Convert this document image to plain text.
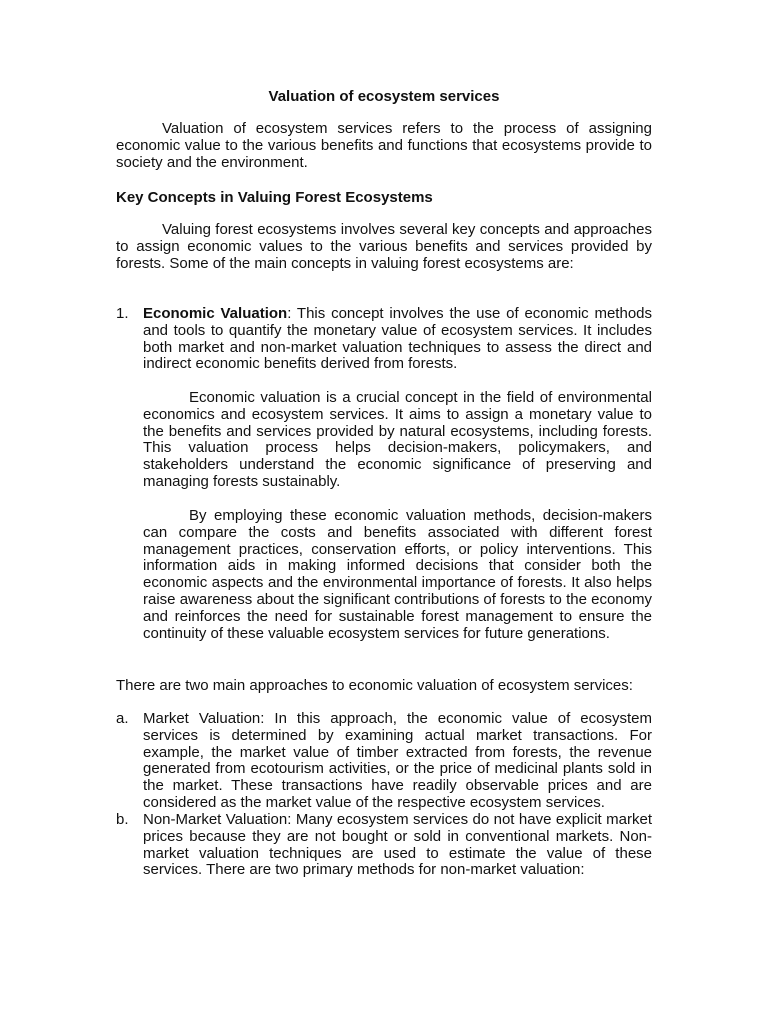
Valuation of ecosystem services

Valuation of ecosystem services refers to the process of assigning economic value to the various benefits and functions that ecosystems provide to society and the environment.

Key Concepts in Valuing Forest Ecosystems

Valuing forest ecosystems involves several key concepts and approaches to assign economic values to the various benefits and services provided by forests. Some of the main concepts in valuing forest ecosystems are:

1. Economic Valuation: This concept involves the use of economic methods and tools to quantify the monetary value of ecosystem services. It includes both market and non-market valuation techniques to assess the direct and indirect economic benefits derived from forests.

Economic valuation is a crucial concept in the field of environmental economics and ecosystem services. It aims to assign a monetary value to the benefits and services provided by natural ecosystems, including forests. This valuation process helps decision-makers, policymakers, and stakeholders understand the economic significance of preserving and managing forests sustainably.

By employing these economic valuation methods, decision-makers can compare the costs and benefits associated with different forest management practices, conservation efforts, or policy interventions. This information aids in making informed decisions that consider both the economic aspects and the environmental importance of forests. It also helps raise awareness about the significant contributions of forests to the economy and reinforces the need for sustainable forest management to ensure the continuity of these valuable ecosystem services for future generations.

There are two main approaches to economic valuation of ecosystem services:

a. Market Valuation: In this approach, the economic value of ecosystem services is determined by examining actual market transactions. For example, the market value of timber extracted from forests, the revenue generated from ecotourism activities, or the price of medicinal plants sold in the market. These transactions have readily observable prices and are considered as the market value of the respective ecosystem services.

b. Non-Market Valuation: Many ecosystem services do not have explicit market prices because they are not bought or sold in conventional markets. Non-market valuation techniques are used to estimate the value of these services. There are two primary methods for non-market valuation:
